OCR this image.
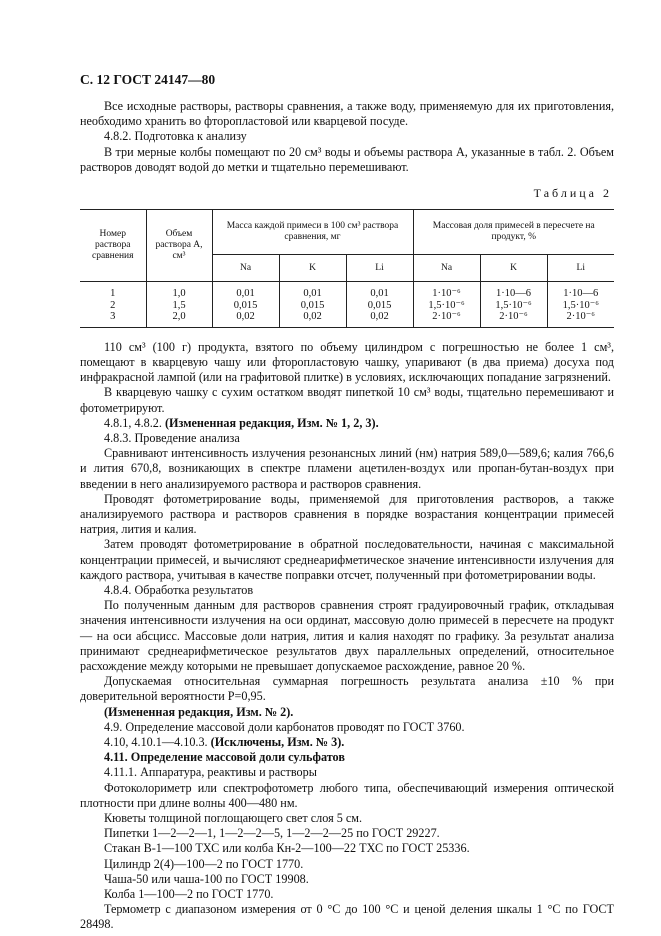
С. 12 ГОСТ 24147—80

Все исходные растворы, растворы сравнения, а также воду, применяемую для их приготовления, необходимо хранить во фторопластовой или кварцевой посуде.

4.8.2. Подготовка к анализу

В три мерные колбы помещают по 20 см³ воды и объемы раствора А, указанные в табл. 2. Объем растворов доводят водой до метки и тщательно перемешивают.

Таблица 2
Номер раствора сравнения	Объем раствора А, см³	Масса каждой примеси в 100 см³ раствора сравнения, мг			Массовая доля примесей в пересчете на продукт, %		
		Na	K	Li	Na	K	Li
1	1,0	0,01	0,01	0,01	1·10⁻⁶	1·10—6	1·10—6
2	1,5	0,015	0,015	0,015	1,5·10⁻⁶	1,5·10⁻⁶	1,5·10⁻⁶
3	2,0	0,02	0,02	0,02	2·10⁻⁶	2·10⁻⁶	2·10⁻⁶

110 см³ (100 г) продукта, взятого по объему цилиндром с погрешностью не более 1 см³, помещают в кварцевую чашу или фторопластовую чашку, упаривают (в два приема) досуха под инфракрасной лампой (или на графитовой плитке) в условиях, исключающих попадание загрязнений.

В кварцевую чашку с сухим остатком вводят пипеткой 10 см³ воды, тщательно перемешивают и фотометрируют.

4.8.1, 4.8.2. (Измененная редакция, Изм. № 1, 2, 3).

4.8.3. Проведение анализа

Сравнивают интенсивность излучения резонансных линий (нм) натрия 589,0—589,6; калия 766,6 и лития 670,8, возникающих в спектре пламени ацетилен-воздух или пропан-бутан-воздух при введении в него анализируемого раствора и растворов сравнения.

Проводят фотометрирование воды, применяемой для приготовления растворов, а также анализируемого раствора и растворов сравнения в порядке возрастания концентрации примесей натрия, лития и калия.

Затем проводят фотометрирование в обратной последовательности, начиная с максимальной концентрации примесей, и вычисляют среднеарифметическое значение интенсивности излучения для каждого раствора, учитывая в качестве поправки отсчет, полученный при фотометрировании воды.

4.8.4. Обработка результатов

По полученным данным для растворов сравнения строят градуировочный график, откладывая значения интенсивности излучения на оси ординат, массовую долю примесей в пересчете на продукт — на оси абсцисс. Массовые доли натрия, лития и калия находят по графику. За результат анализа принимают среднеарифметическое результатов двух параллельных определений, относительное расхождение между которыми не превышает допускаемое расхождение, равное 20 %.

Допускаемая относительная суммарная погрешность результата анализа ±10 % при доверительной вероятности P=0,95.

(Измененная редакция, Изм. № 2).

4.9. Определение массовой доли карбонатов проводят по ГОСТ 3760.

4.10, 4.10.1—4.10.3. (Исключены, Изм. № 3).

4.11. Определение массовой доли сульфатов

4.11.1. Аппаратура, реактивы и растворы

Фотоколориметр или спектрофотометр любого типа, обеспечивающий измерения оптической плотности при длине волны 400—480 нм.

Кюветы толщиной поглощающего свет слоя 5 см.

Пипетки 1—2—2—1, 1—2—2—5, 1—2—2—25 по ГОСТ 29227.

Стакан В-1—100 ТХС или колба Кн-2—100—22 ТХС по ГОСТ 25336.

Цилиндр 2(4)—100—2 по ГОСТ 1770.

Чаша-50 или чаша-100 по ГОСТ 19908.

Колба 1—100—2 по ГОСТ 1770.

Термометр с диапазоном измерения от 0 °С до 100 °С и ценой деления шкалы 1 °С по ГОСТ 28498.
